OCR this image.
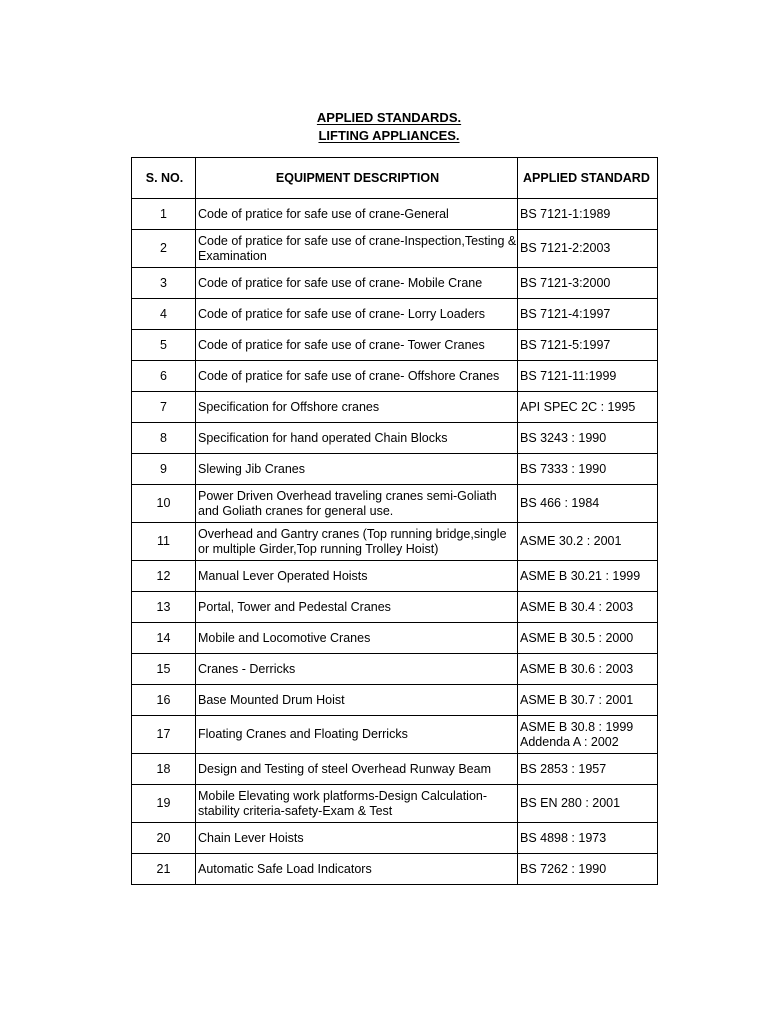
APPLIED STANDARDS.
LIFTING APPLIANCES.
S. NO.	EQUIPMENT DESCRIPTION	APPLIED STANDARD
1	Code of pratice for safe use of crane-General	BS 7121-1:1989
2	Code of pratice for safe use of crane-Inspection,Testing & Examination	BS 7121-2:2003
3	Code of pratice for safe use of crane- Mobile Crane	BS 7121-3:2000
4	Code of pratice for safe use of crane- Lorry Loaders	BS 7121-4:1997
5	Code of pratice for safe use of crane- Tower Cranes	BS 7121-5:1997
6	Code of pratice for safe use of crane- Offshore Cranes	BS 7121-11:1999
7	Specification for Offshore cranes	API SPEC 2C : 1995
8	Specification for hand operated Chain Blocks	BS 3243 : 1990
9	Slewing Jib Cranes	BS 7333 : 1990
10	Power Driven Overhead traveling cranes semi-Goliath and Goliath cranes for general use.	BS 466 : 1984
11	Overhead and Gantry cranes (Top running bridge,single or multiple Girder,Top running Trolley Hoist)	ASME 30.2 : 2001
12	Manual Lever Operated Hoists	ASME B 30.21 : 1999
13	Portal, Tower and Pedestal Cranes	ASME B 30.4 : 2003
14	Mobile and Locomotive Cranes	ASME B 30.5 : 2000
15	Cranes - Derricks	ASME B 30.6 : 2003
16	Base Mounted Drum Hoist	ASME B 30.7 : 2001
17	Floating Cranes and Floating Derricks	ASME B 30.8 : 1999
Addenda A : 2002

18	Design and Testing of steel Overhead Runway Beam	BS 2853 : 1957
19	Mobile Elevating work platforms-Design Calculation-stability criteria-safety-Exam & Test	BS EN 280 : 2001
20	Chain Lever Hoists	BS 4898 : 1973
21	Automatic Safe Load Indicators	BS 7262 : 1990
